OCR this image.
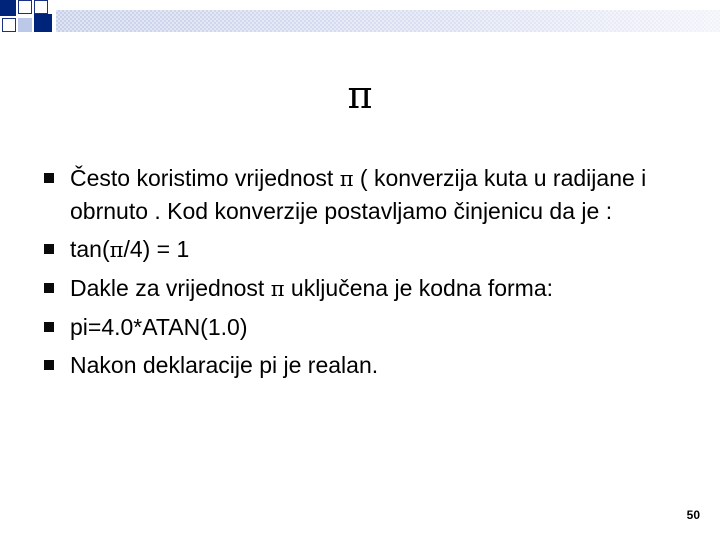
π
Često koristimo vrijednost π ( konverzija kuta u radijane i obrnuto . Kod konverzije postavljamo činjenicu da je :
tan(π/4) = 1
Dakle za vrijednost π uključena je kodna forma:
pi=4.0*ATAN(1.0)
Nakon deklaracije pi je realan.
50
